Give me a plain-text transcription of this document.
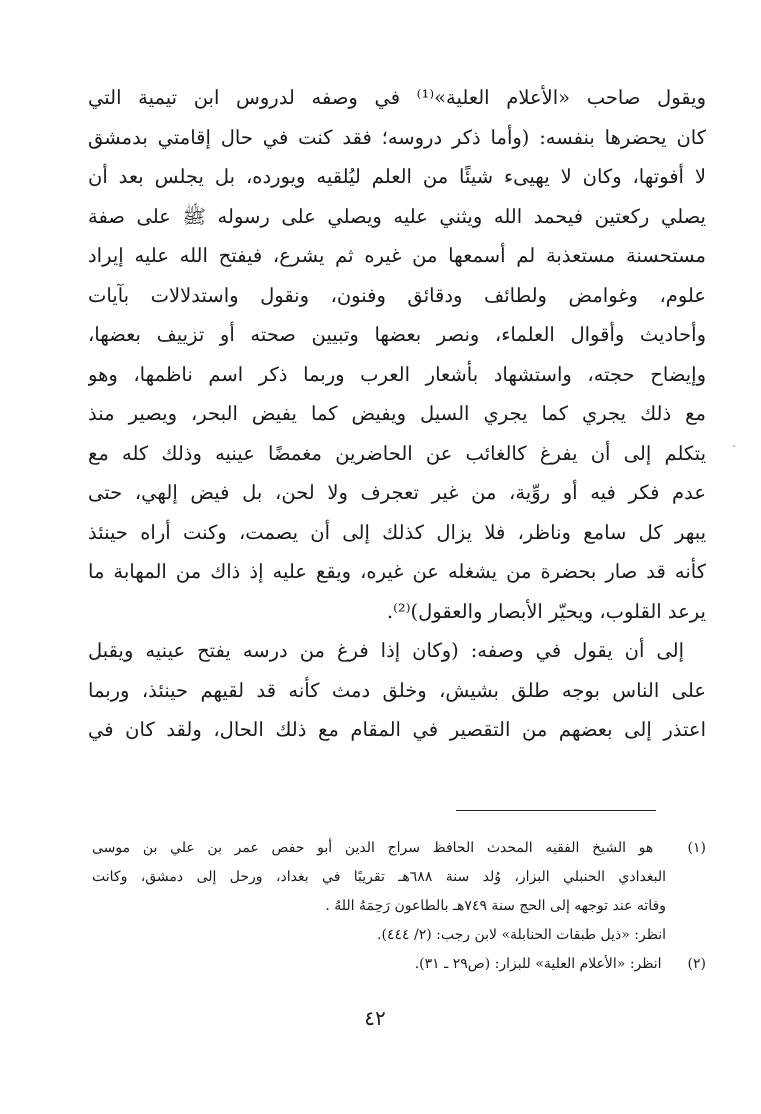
ويقول صاحب «الأعلام العلية»⁽¹⁾ في وصفه لدروس ابن تيمية التي
كان يحضرها بنفسه: (وأما ذكر دروسه؛ فقد كنت في حال إقامتي بدمشق
لا أفوتها، وكان لا يهيىء شيئًا من العلم ليُلقيه ويورده، بل يجلس بعد أن
يصلي ركعتين فيحمد الله ويثني عليه ويصلي على رسوله ﷺ على صفة
مستحسنة مستعذبة لم أسمعها من غيره ثم يشرع، فيفتح الله عليه إيراد
علوم، وغوامض ولطائف ودقائق وفنون، ونقول واستدلالات بآيات
وأحاديث وأقوال العلماء، ونصر بعضها وتبيين صحته أو تزييف بعضها،
وإيضاح حجته، واستشهاد بأشعار العرب وربما ذكر اسم ناظمها، وهو
مع ذلك يجري كما يجري السيل ويفيض كما يفيض البحر، ويصير منذ
يتكلم إلى أن يفرغ كالغائب عن الحاضرين مغمضًا عينيه وذلك كله مع
عدم فكر فيه أو روِّية، من غير تعجرف ولا لحن، بل فيض إلهي، حتى
يبهر كل سامع وناظر، فلا يزال كذلك إلى أن يصمت، وكنت أراه حينئذ
كأنه قد صار بحضرة من يشغله عن غيره، ويقع عليه إذ ذاك من المهابة ما
يرعد القلوب، ويحيّر الأبصار والعقول)⁽²⁾.
إلى أن يقول في وصفه: (وكان إذا فرغ من درسه يفتح عينيه ويقبل
على الناس بوجه طلق بشيش، وخلق دمث كأنه قد لقيهم حينئذ، وربما
اعتذر إلى بعضهم من التقصير في المقام مع ذلك الحال، ولقد كان في
(١) هو الشيخ الفقيه المحدث الحافظ سراج الدين أبو حفص عمر بن علي بن موسى
البغدادي الحنبلي البزار، وُلد سنة ٦٨٨هـ تقريبًا في بغداد، ورحل إلى دمشق، وكانت
وفاته عند توجهه إلى الحج سنة ٧٤٩هـ بالطاعون رَحِمَهُ اللهُ .
انظر: «ذيل طبقات الحنابلة» لابن رجب: (٢/ ٤٤٤).
(٢) انظر: «الأعلام العلية» للبزار: (ص٢٩ ـ ٣١).
٤٢
